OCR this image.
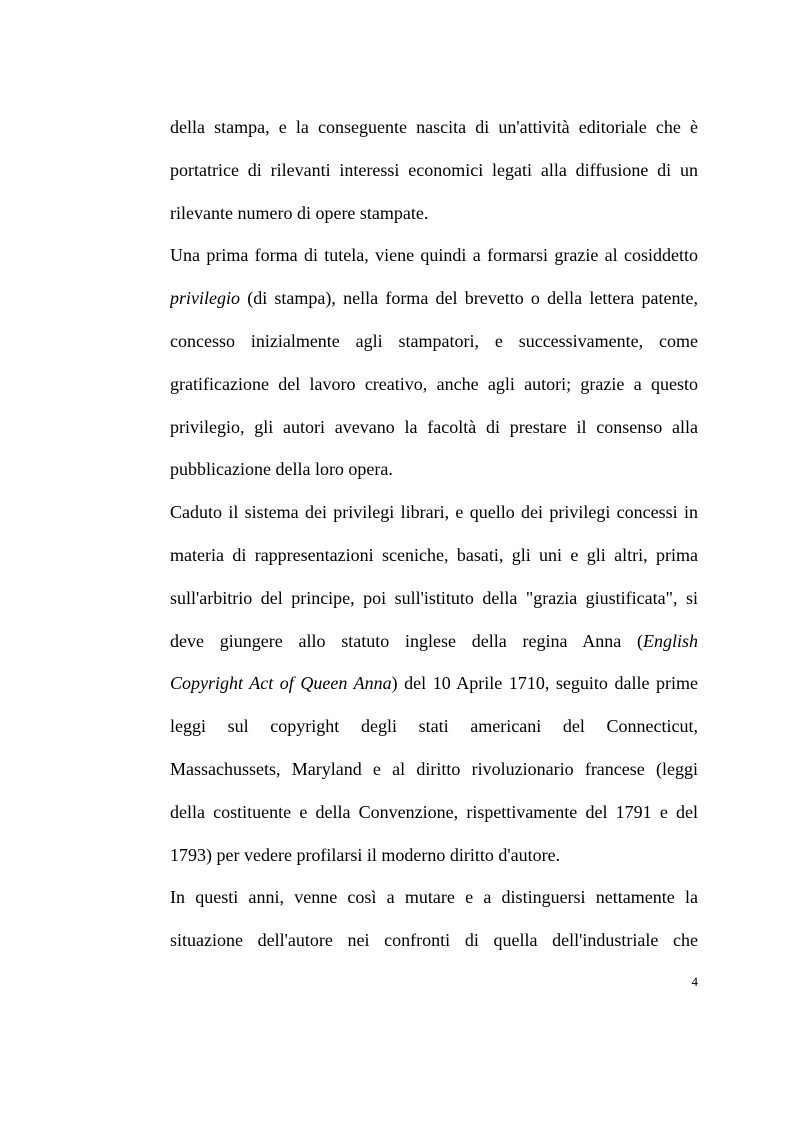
della stampa, e la conseguente nascita di un'attività editoriale che è
portatrice di rilevanti interessi economici legati alla diffusione di un
rilevante numero di opere stampate.
Una prima forma di tutela, viene quindi a formarsi grazie al cosiddetto
privilegio (di stampa), nella forma del brevetto o della lettera patente,
concesso inizialmente agli stampatori, e successivamente, come
gratificazione del lavoro creativo, anche agli autori; grazie a questo
privilegio, gli autori avevano la facoltà di prestare il consenso alla
pubblicazione della loro opera.
Caduto il sistema dei privilegi librari, e quello dei privilegi concessi in
materia di rappresentazioni sceniche, basati, gli uni e gli altri, prima
sull'arbitrio del principe, poi sull'istituto della "grazia giustificata", si
deve giungere allo statuto inglese della regina Anna (English
Copyright Act of Queen Anna) del 10 Aprile 1710, seguito dalle prime
leggi sul copyright degli stati americani del Connecticut,
Massachussets, Maryland e al diritto rivoluzionario francese (leggi
della costituente e della Convenzione, rispettivamente del 1791 e del
1793) per vedere profilarsi il moderno diritto d'autore.
In questi anni, venne così a mutare e a distinguersi nettamente la
situazione dell'autore nei confronti di quella dell'industriale che
4
